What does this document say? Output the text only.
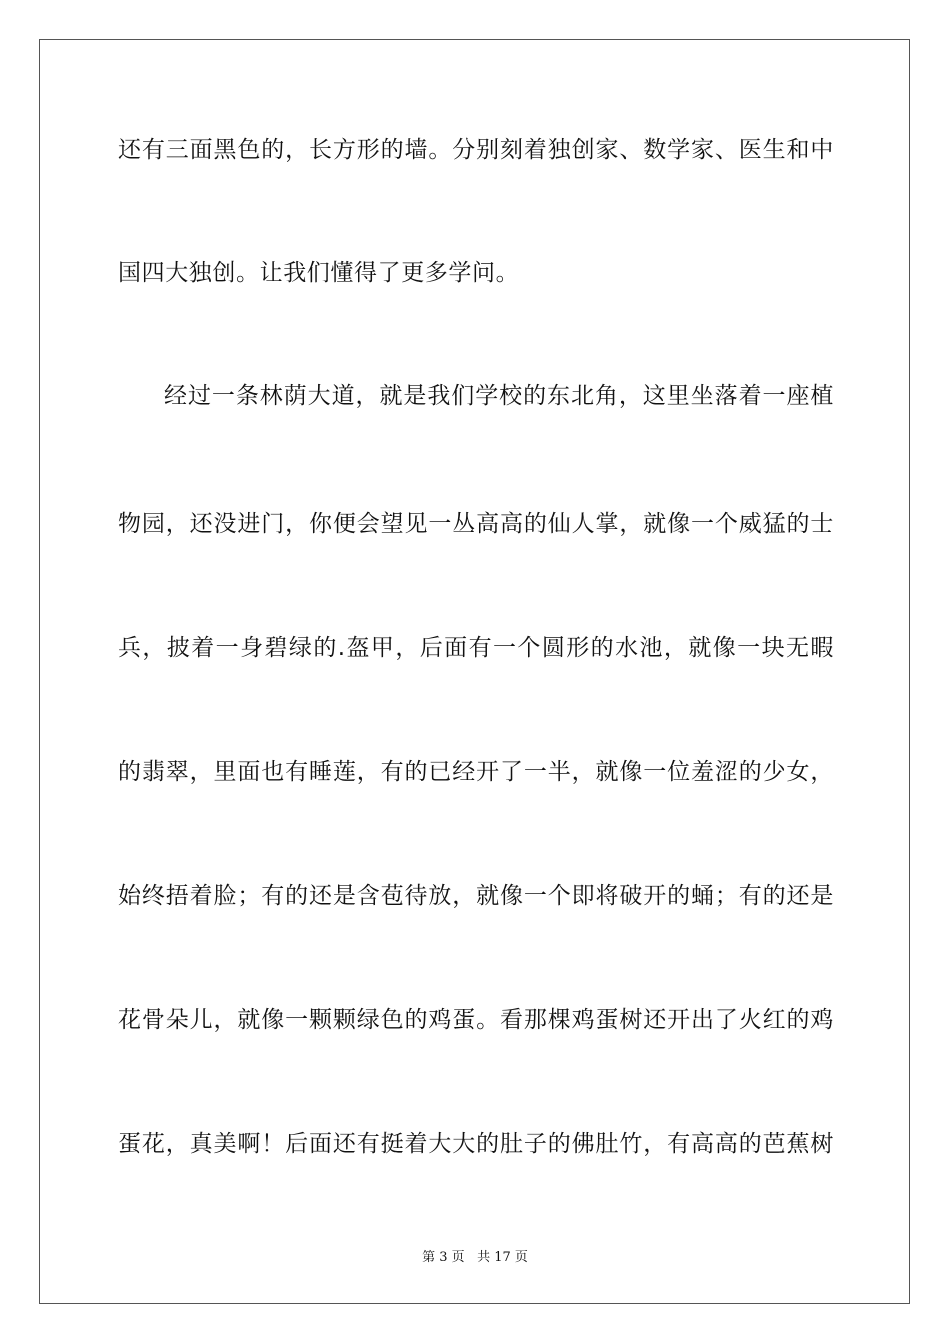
还有三面黑色的，长方形的墙。分别刻着独创家、数学家、医生和中
国四大独创。让我们懂得了更多学问。
经过一条林荫大道，就是我们学校的东北角，这里坐落着一座植
物园，还没进门，你便会望见一丛高高的仙人掌，就像一个威猛的士
兵，披着一身碧绿的.盔甲，后面有一个圆形的水池，就像一块无暇
的翡翠，里面也有睡莲，有的已经开了一半，就像一位羞涩的少女，
始终捂着脸；有的还是含苞待放，就像一个即将破开的蛹；有的还是
花骨朵儿，就像一颗颗绿色的鸡蛋。看那棵鸡蛋树还开出了火红的鸡
蛋花，真美啊！后面还有挺着大大的肚子的佛肚竹，有高高的芭蕉树
第 3 页 共 17 页
